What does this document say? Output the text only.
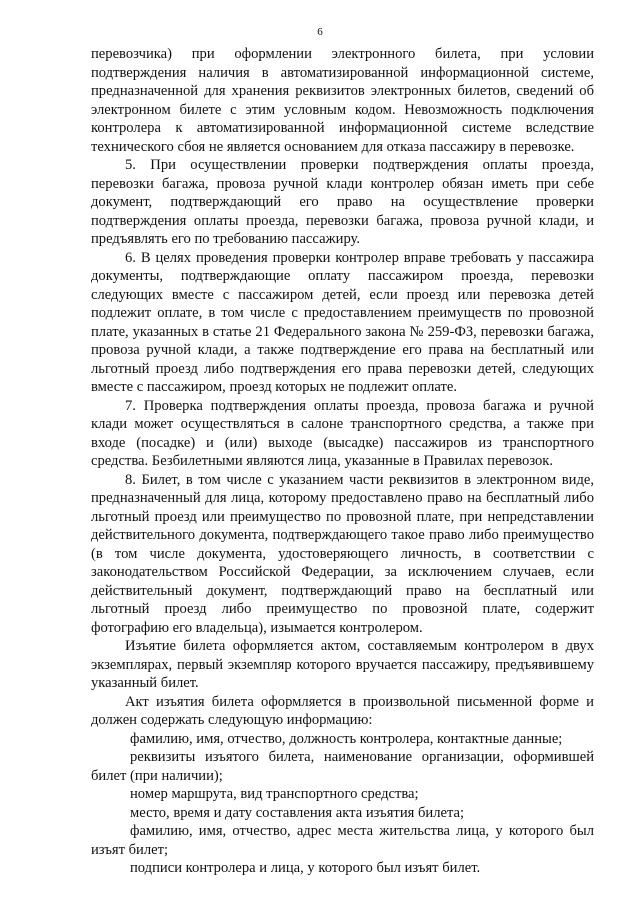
6

перевозчика) при оформлении электронного билета, при условии подтверждения наличия в автоматизированной информационной системе, предназначенной для хранения реквизитов электронных билетов, сведений об электронном билете с этим условным кодом. Невозможность подключения контролера к автоматизированной информационной системе вследствие технического сбоя не является основанием для отказа пассажиру в перевозке.

5. При осуществлении проверки подтверждения оплаты проезда, перевозки багажа, провоза ручной клади контролер обязан иметь при себе документ, подтверждающий его право на осуществление проверки подтверждения оплаты проезда, перевозки багажа, провоза ручной клади, и предъявлять его по требованию пассажиру.

6. В целях проведения проверки контролер вправе требовать у пассажира документы, подтверждающие оплату пассажиром проезда, перевозки следующих вместе с пассажиром детей, если проезд или перевозка детей подлежит оплате, в том числе с предоставлением преимуществ по провозной плате, указанных в статье 21 Федерального закона № 259-ФЗ, перевозки багажа, провоза ручной клади, а также подтверждение его права на бесплатный или льготный проезд либо подтверждения его права перевозки детей, следующих вместе с пассажиром, проезд которых не подлежит оплате.

7. Проверка подтверждения оплаты проезда, провоза багажа и ручной клади может осуществляться в салоне транспортного средства, а также при входе (посадке) и (или) выходе (высадке) пассажиров из транспортного средства. Безбилетными являются лица, указанные в Правилах перевозок.

8. Билет, в том числе с указанием части реквизитов в электронном виде, предназначенный для лица, которому предоставлено право на бесплатный либо льготный проезд или преимущество по провозной плате, при непредставлении действительного документа, подтверждающего такое право либо преимущество (в том числе документа, удостоверяющего личность, в соответствии с законодательством Российской Федерации, за исключением случаев, если действительный документ, подтверждающий право на бесплатный или льготный проезд либо преимущество по провозной плате, содержит фотографию его владельца), изымается контролером.

Изъятие билета оформляется актом, составляемым контролером в двух экземплярах, первый экземпляр которого вручается пассажиру, предъявившему указанный билет.

Акт изъятия билета оформляется в произвольной письменной форме и должен содержать следующую информацию:

фамилию, имя, отчество, должность контролера, контактные данные;

реквизиты изъятого билета, наименование организации, оформившей билет (при наличии);

номер маршрута, вид транспортного средства;

место, время и дату составления акта изъятия билета;

фамилию, имя, отчество, адрес места жительства лица, у которого был изъят билет;

подписи контролера и лица, у которого был изъят билет.
